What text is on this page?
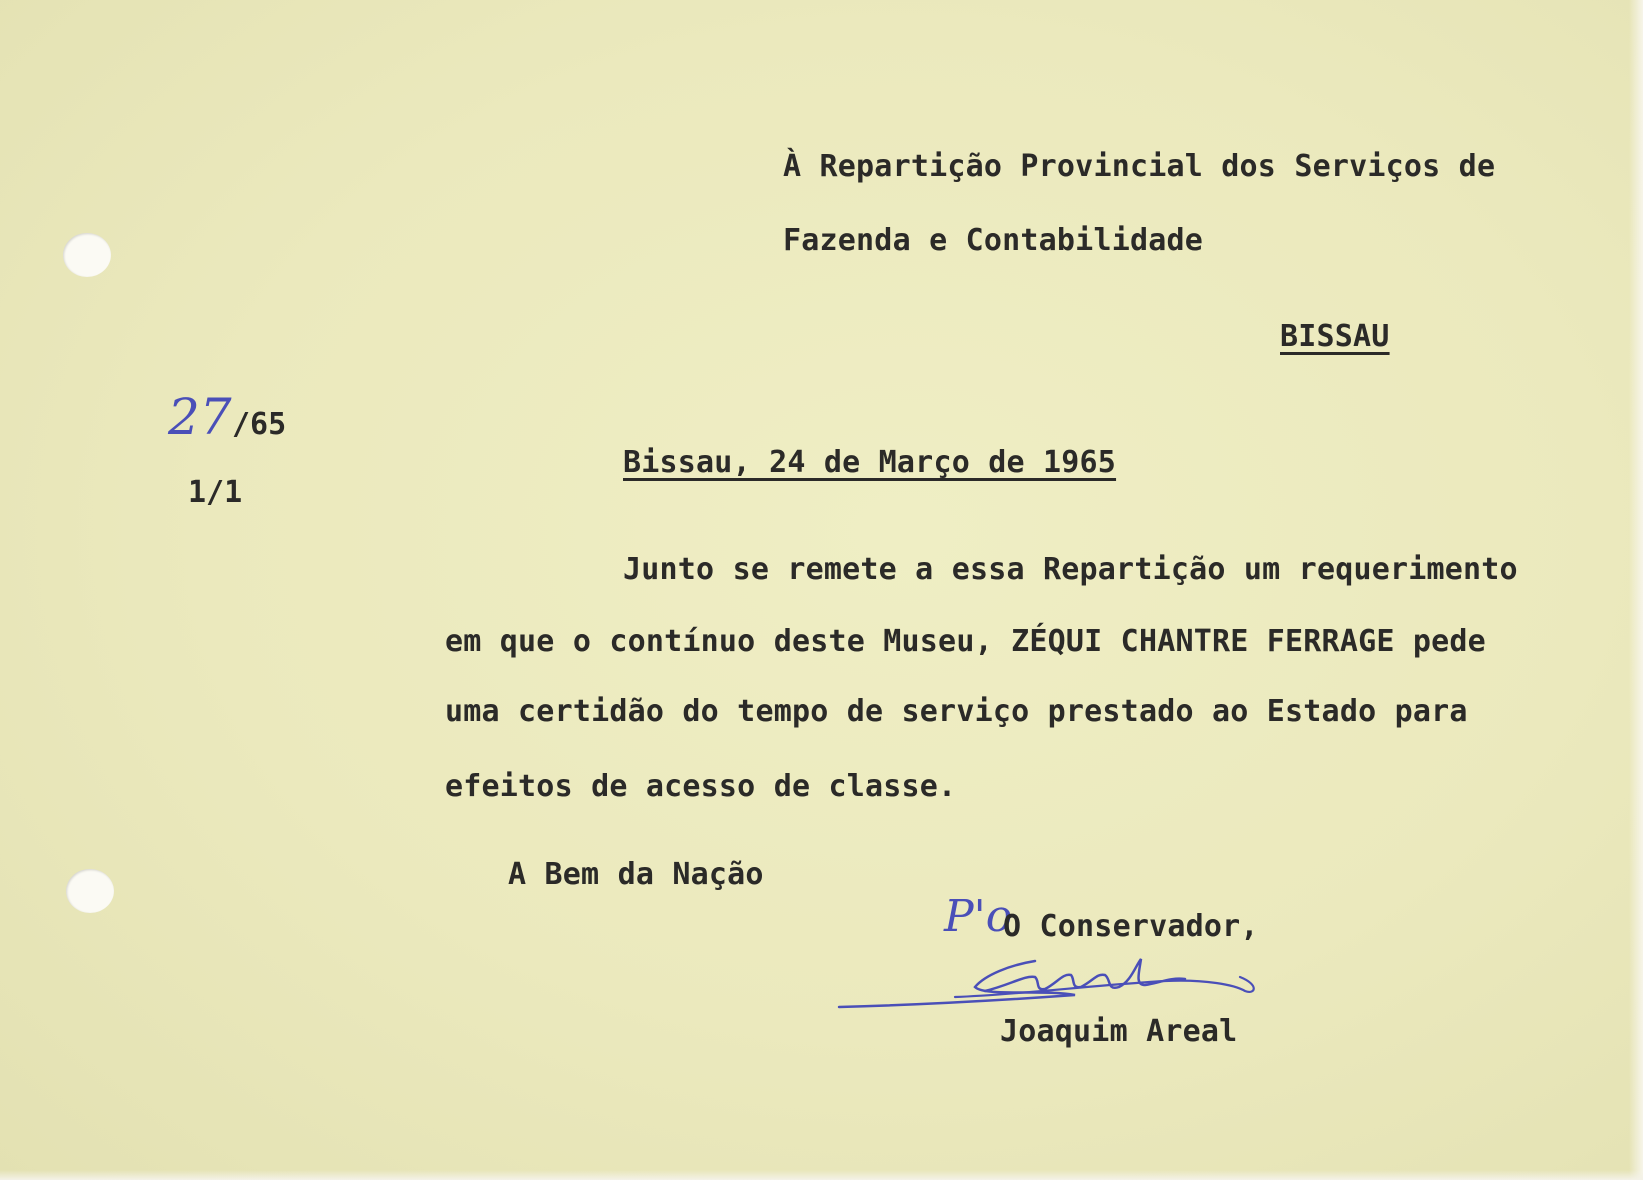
À Repartição Provincial dos Serviços de

Fazenda e Contabilidade

BISSAU

27 /65
1/1

Bissau, 24 de Março de 1965

Junto se remete a essa Repartição um requerimento

em que o contínuo deste Museu, ZÉQUI CHANTRE FERRAGE pede

uma certidão do tempo de serviço prestado ao Estado para

efeitos de acesso de classe.

A Bem da Nação

P'o

O Conservador,

Joaquim Areal
